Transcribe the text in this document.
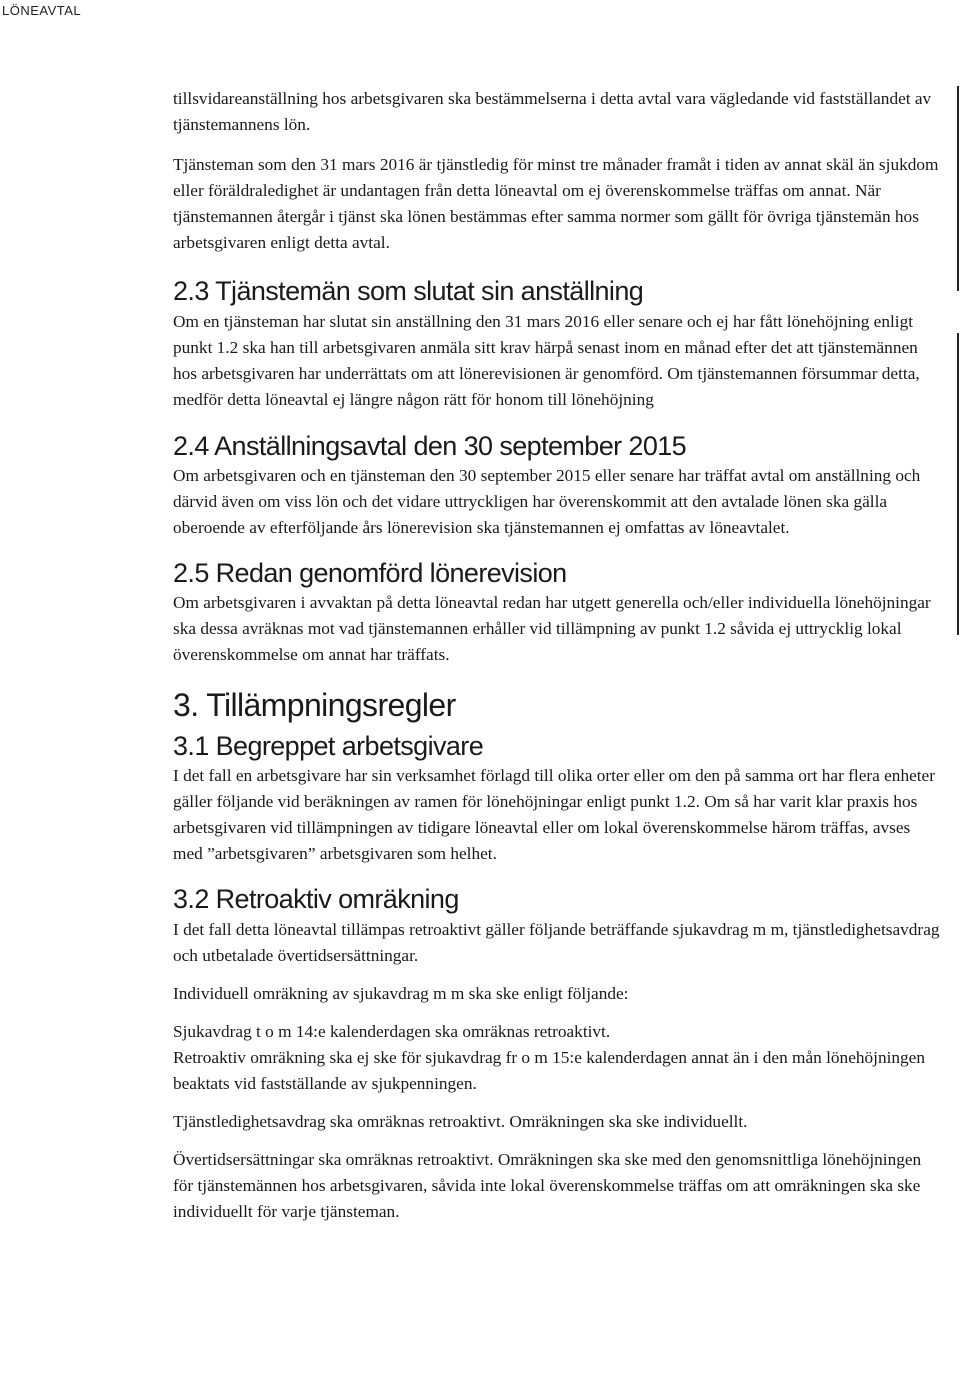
LÖNEAVTAL

tillsvidareanställning hos arbetsgivaren ska bestämmelserna i detta avtal vara vägledande vid fastställandet av tjänstemannens lön.

Tjänsteman som den 31 mars 2016 är tjänstledig för minst tre månader framåt i tiden av annat skäl än sjukdom eller föräldraledighet är undantagen från detta löneavtal om ej överenskommelse träffas om annat. När tjänstemannen återgår i tjänst ska lönen bestämmas efter samma normer som gällt för övriga tjänstemän hos arbetsgivaren enligt detta avtal.

2.3 Tjänstemän som slutat sin anställning

Om en tjänsteman har slutat sin anställning den 31 mars 2016 eller senare och ej har fått lönehöjning enligt punkt 1.2 ska han till arbetsgivaren anmäla sitt krav härpå senast inom en månad efter det att tjänstemännen hos arbetsgivaren har underrättats om att lönerevisionen är genomförd. Om tjänstemannen försummar detta, medför detta löneavtal ej längre någon rätt för honom till lönehöjning

2.4 Anställningsavtal den 30 september 2015

Om arbetsgivaren och en tjänsteman den 30 september 2015 eller senare har träffat avtal om anställning och därvid även om viss lön och det vidare uttryckligen har överenskommit att den avtalade lönen ska gälla oberoende av efterföljande års lönerevision ska tjänstemannen ej omfattas av löneavtalet.

2.5 Redan genomförd lönerevision

Om arbetsgivaren i avvaktan på detta löneavtal redan har utgett generella och/eller individuella lönehöjningar ska dessa avräknas mot vad tjänstemannen erhåller vid tillämpning av punkt 1.2 såvida ej uttrycklig lokal överenskommelse om annat har träffats.

3. Tillämpningsregler
3.1 Begreppet arbetsgivare

I det fall en arbetsgivare har sin verksamhet förlagd till olika orter eller om den på samma ort har flera enheter gäller följande vid beräkningen av ramen för lönehöjningar enligt punkt 1.2. Om så har varit klar praxis hos arbetsgivaren vid tillämpningen av tidigare löneavtal eller om lokal överenskommelse härom träffas, avses med ”arbetsgivaren” arbetsgivaren som helhet.

3.2 Retroaktiv omräkning

I det fall detta löneavtal tillämpas retroaktivt gäller följande beträffande sjukavdrag m m, tjänstledighetsavdrag och utbetalade övertidsersättningar.

Individuell omräkning av sjukavdrag m m ska ske enligt följande:

Sjukavdrag t o m 14:e kalenderdagen ska omräknas retroaktivt.

Retroaktiv omräkning ska ej ske för sjukavdrag fr o m 15:e kalenderdagen annat än i den mån lönehöjningen beaktats vid fastställande av sjukpenningen.

Tjänstledighetsavdrag ska omräknas retroaktivt. Omräkningen ska ske individuellt.

Övertidsersättningar ska omräknas retroaktivt. Omräkningen ska ske med den genomsnittliga lönehöjningen för tjänstemännen hos arbetsgivaren, såvida inte lokal överenskommelse träffas om att omräkningen ska ske individuellt för varje tjänsteman.
